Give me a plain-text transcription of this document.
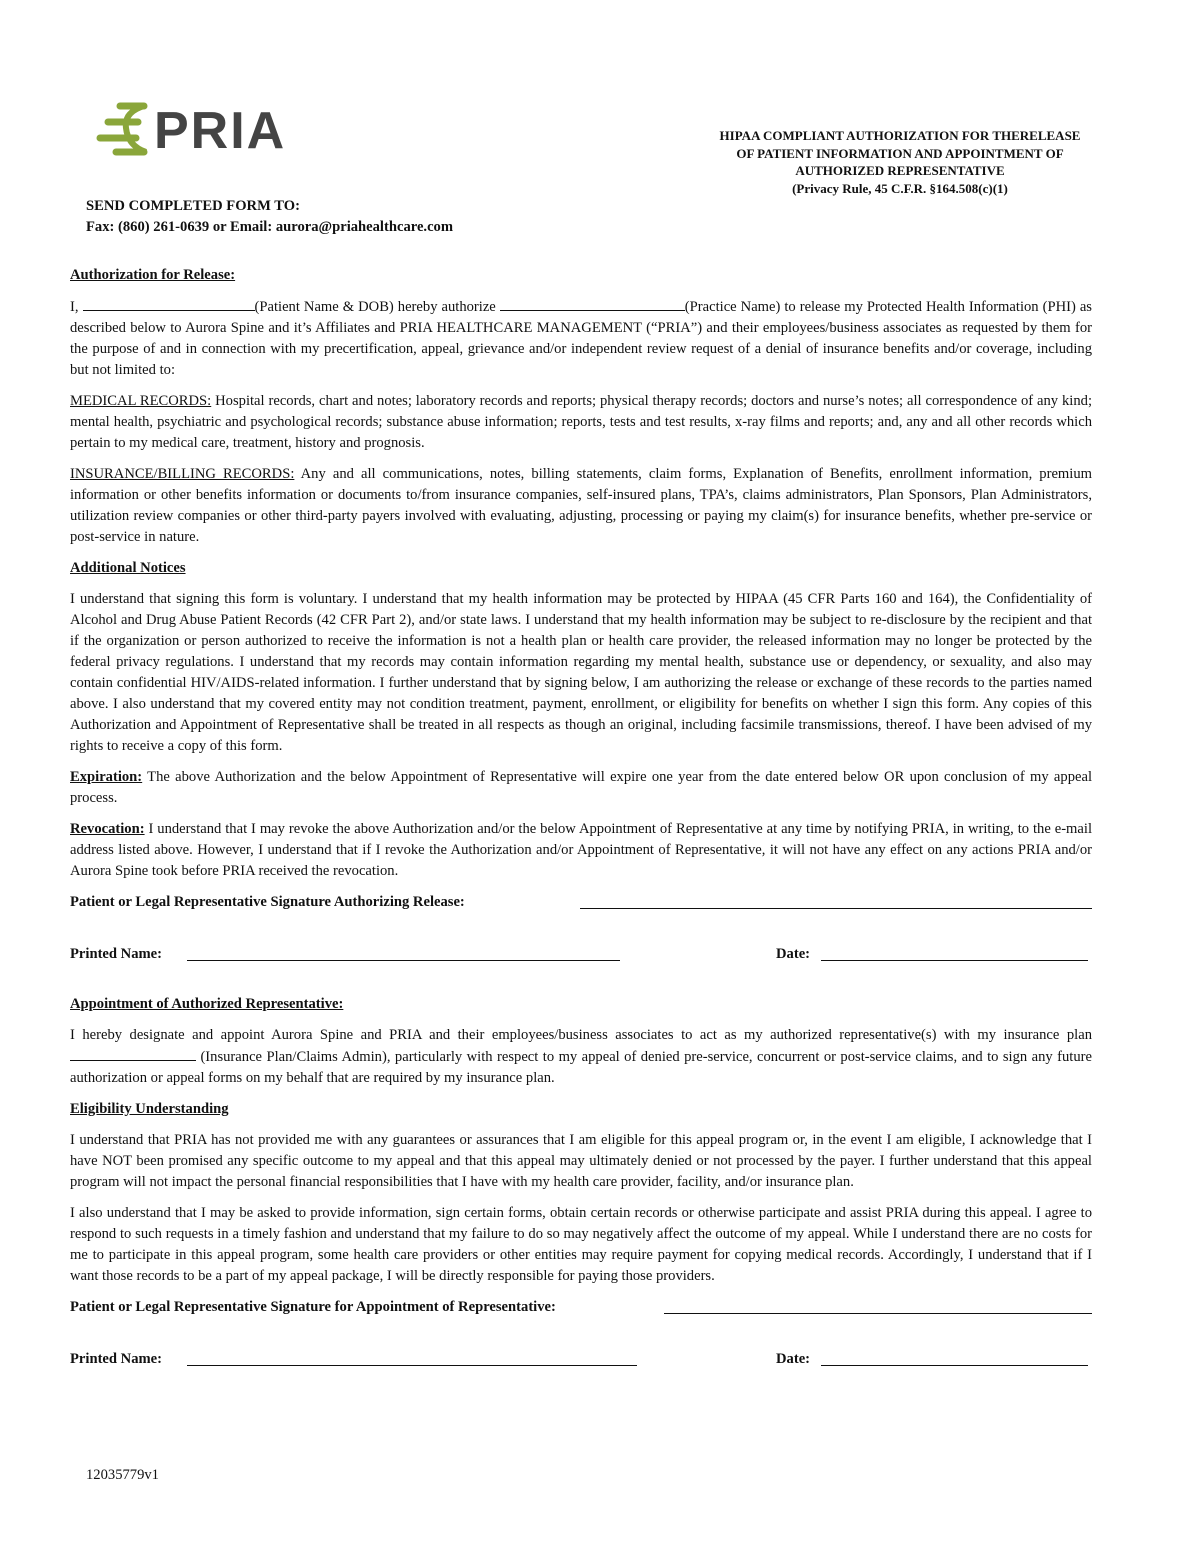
PRIA	HIPAA COMPLIANT AUTHORIZATION FOR THERELEASE
OF PATIENT INFORMATION AND APPOINTMENT OF
AUTHORIZED REPRESENTATIVE
(Privacy Rule, 45 C.F.R. §164.508(c)(1)
SEND COMPLETED FORM TO:
Fax: (860) 261-0639 or Email: aurora@priahealthcare.com
Authorization for Release:

I,	(Patient Name & DOB) hereby authorize	(Practice Name) to release my Protected Health Information (PHI) as described below to Aurora Spine and it’s Affiliates and PRIA HEALTHCARE MANAGEMENT (“PRIA”) and their employees/business associates as requested by them for the purpose of and in connection with my precertification, appeal, grievance and/or independent review request of a denial of insurance benefits and/or coverage, including but not limited to:

MEDICAL RECORDS: Hospital records, chart and notes; laboratory records and reports; physical therapy records; doctors and nurse’s notes; all correspondence of any kind; mental health, psychiatric and psychological records; substance abuse information; reports, tests and test results, x-ray films and reports; and, any and all other records which pertain to my medical care, treatment, history and prognosis.

INSURANCE/BILLING RECORDS: Any and all communications, notes, billing statements, claim forms, Explanation of Benefits, enrollment information, premium information or other benefits information or documents to/from insurance companies, self-insured plans, TPA’s, claims administrators, Plan Sponsors, Plan Administrators, utilization review companies or other third-party payers involved with evaluating, adjusting, processing or paying my claim(s) for insurance benefits, whether pre-service or post-service in nature.

Additional Notices

I understand that signing this form is voluntary. I understand that my health information may be protected by HIPAA (45 CFR Parts 160 and 164), the Confidentiality of Alcohol and Drug Abuse Patient Records (42 CFR Part 2), and/or state laws. I understand that my health information may be subject to re-disclosure by the recipient and that if the organization or person authorized to receive the information is not a health plan or health care provider, the released information may no longer be protected by the federal privacy regulations. I understand that my records may contain information regarding my mental health, substance use or dependency, or sexuality, and also may contain confidential HIV/AIDS-related information. I further understand that by signing below, I am authorizing the release or exchange of these records to the parties named above. I also understand that my covered entity may not condition treatment, payment, enrollment, or eligibility for benefits on whether I sign this form. Any copies of this Authorization and Appointment of Representative shall be treated in all respects as though an original, including facsimile transmissions, thereof. I have been advised of my rights to receive a copy of this form.

Expiration: The above Authorization and the below Appointment of Representative will expire one year from the date entered below OR upon conclusion of my appeal process.

Revocation: I understand that I may revoke the above Authorization and/or the below Appointment of Representative at any time by notifying PRIA, in writing, to the e-mail address listed above. However, I understand that if I revoke the Authorization and/or Appointment of Representative, it will not have any effect on any actions PRIA and/or Aurora Spine took before PRIA received the revocation.

Patient or Legal Representative Signature Authorizing Release:
Printed Name:	Date:
Appointment of Authorized Representative:

I hereby designate and appoint Aurora Spine and PRIA and their employees/business associates to act as my authorized representative(s) with my insurance plan  (Insurance Plan/Claims Admin), particularly with respect to my appeal of denied pre-service, concurrent or post-service claims, and to sign any future authorization or appeal forms on my behalf that are required by my insurance plan.

Eligibility Understanding

I understand that PRIA has not provided me with any guarantees or assurances that I am eligible for this appeal program or, in the event I am eligible, I acknowledge that I have NOT been promised any specific outcome to my appeal and that this appeal may ultimately denied or not processed by the payer. I further understand that this appeal program will not impact the personal financial responsibilities that I have with my health care provider, facility, and/or insurance plan.

I also understand that I may be asked to provide information, sign certain forms, obtain certain records or otherwise participate and assist PRIA during this appeal. I agree to respond to such requests in a timely fashion and understand that my failure to do so may negatively affect the outcome of my appeal. While I understand there are no costs for me to participate in this appeal program, some health care providers or other entities may require payment for copying medical records. Accordingly, I understand that if I want those records to be a part of my appeal package, I will be directly responsible for paying those providers.

Patient or Legal Representative Signature for Appointment of Representative:
Printed Name:	Date:
12035779v1
